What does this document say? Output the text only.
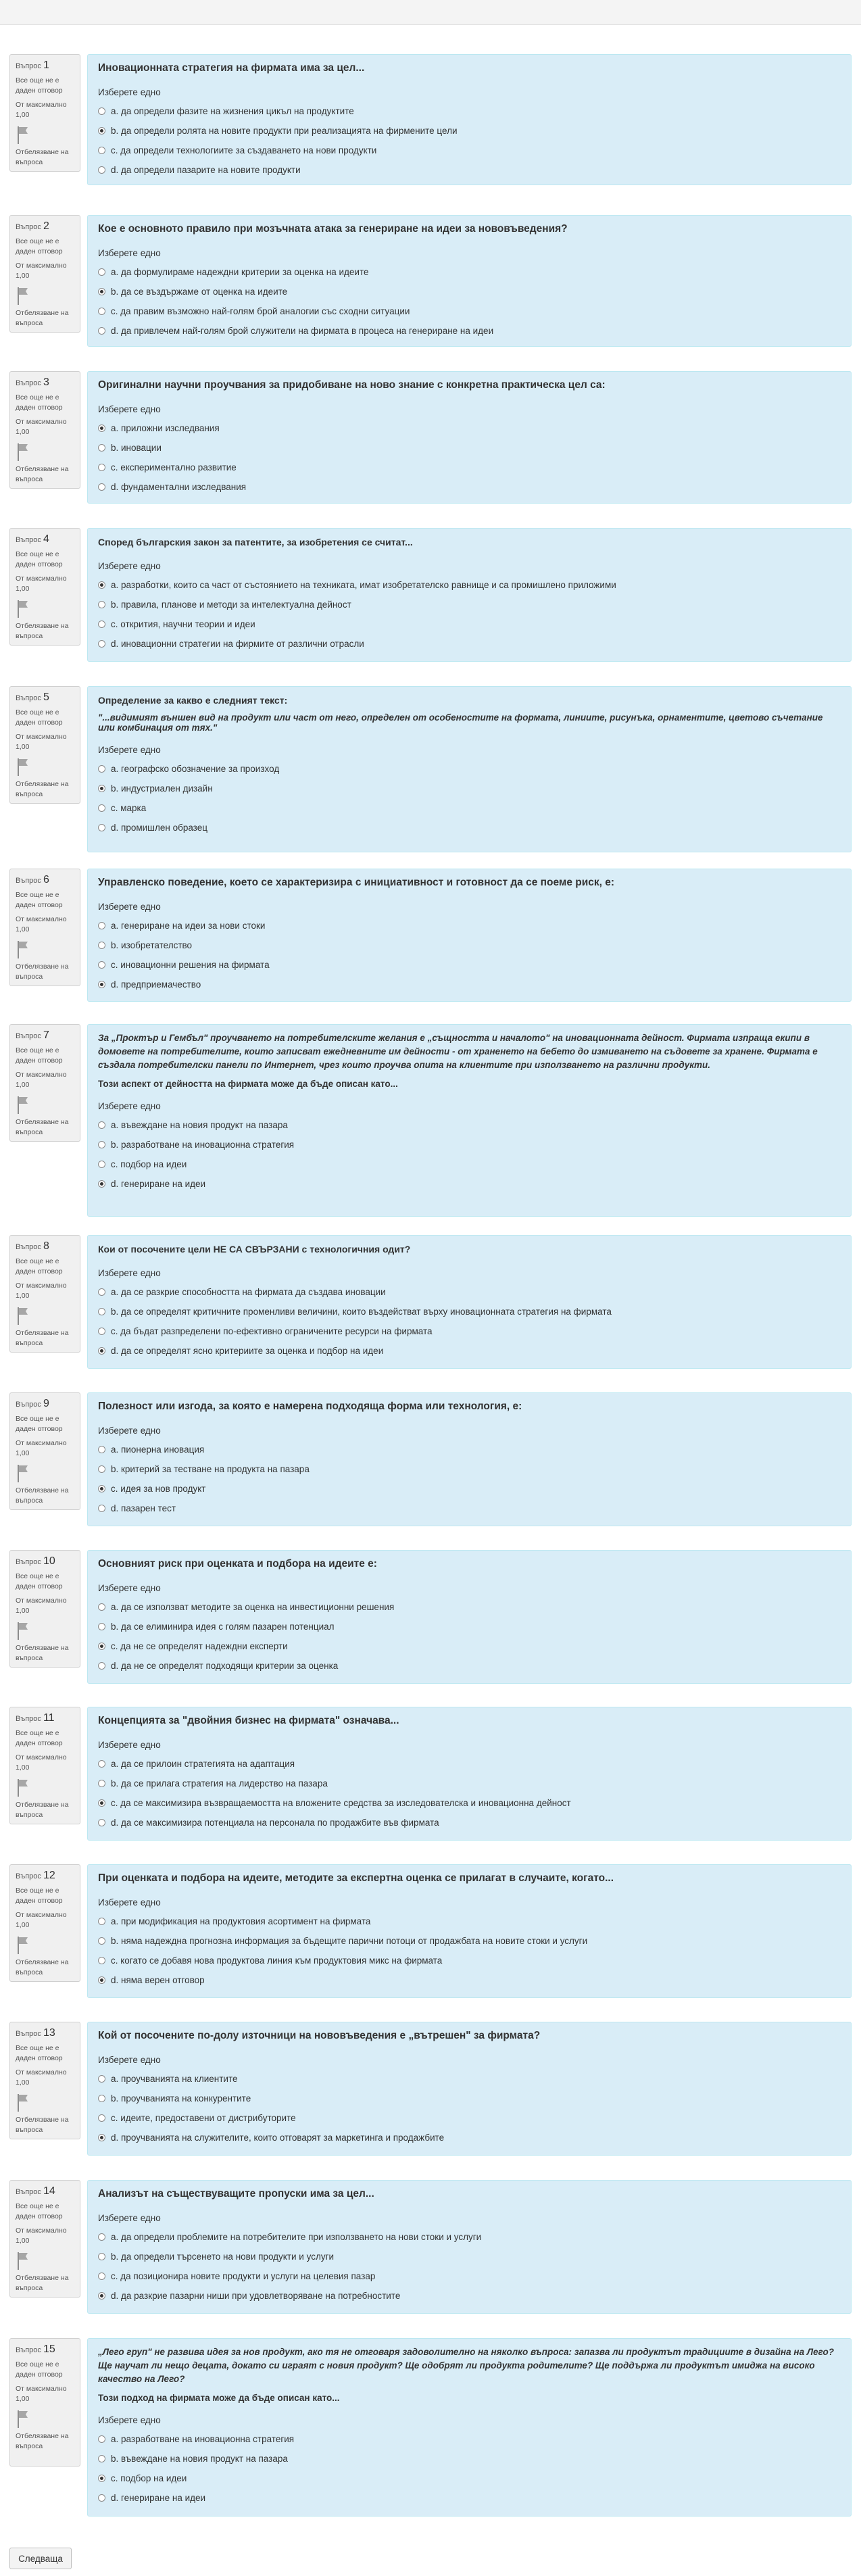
Въпрос 1
Все още не е даден отговор
От максимално 1,00
Отбелязване на въпроса
Иновационната стратегия на фирмата има за цел...
Изберете едно
a. да определи фазите на жизнения цикъл на продуктите
b. да определи ролята на новите продукти при реализацията на фирмените цели
c. да определи технологиите за създаването на нови продукти
d. да определи пазарите на новите продукти
Въпрос 2
Все още не е даден отговор
От максимално 1,00
Отбелязване на въпроса
Кое е основното правило при мозъчната атака за генериране на идеи за нововъведения?
Изберете едно
a. да формулираме надеждни критерии за оценка на идеите
b. да се въздържаме от оценка на идеите
c. да правим възможно най-голям брой аналогии със сходни ситуации
d. да привлечем най-голям брой служители на фирмата в процеса на генериране на идеи
Въпрос 3
Все още не е даден отговор
От максимално 1,00
Отбелязване на въпроса
Оригинални научни проучвания за придобиване на ново знание с конкретна практическа цел са:
Изберете едно
a. приложни изследвания
b. иновации
c. експериментално развитие
d. фундаментални изследвания
Въпрос 4
Все още не е даден отговор
От максимално 1,00
Отбелязване на въпроса
Според българския закон за патентите, за изобретения се считат...
Изберете едно
a. разработки, които са част от състоянието на техниката, имат изобретателско равнище и са промишлено приложими
b. правила, планове и методи за интелектуална дейност
c. открития, научни теории и идеи
d. иновационни стратегии на фирмите от различни отрасли
Въпрос 5
Все още не е даден отговор
От максимално 1,00
Отбелязване на въпроса
Определение за какво е следният текст:
"...видимият външен вид на продукт или част от него, определен от особеностите на формата, линиите, рисунъка, орнаментите, цветово съчетание или комбинация от тях."
Изберете едно
a. географско обозначение за произход
b. индустриален дизайн
c. марка
d. промишлен образец
Въпрос 6
Все още не е даден отговор
От максимално 1,00
Отбелязване на въпроса
Управленско поведение, което се характеризира с инициативност и готовност да се поеме риск, е:
Изберете едно
a. генериране на идеи за нови стоки
b. изобретателство
c. иновационни решения на фирмата
d. предприемачество
Въпрос 7
Все още не е даден отговор
От максимално 1,00
Отбелязване на въпроса
За „Проктър и Гембъл" проучването на потребителските желания е „същността и началото" на иновационната дейност. Фирмата изпраща екипи в домовете на потребителите, които записват ежедневните им дейности - от храненето на бебето до измиването на съдовете за хранене. Фирмата е създала потребителски панели по Интернет, чрез които проучва опита на клиентите при използването на различни продукти.
Този аспект от дейността на фирмата може да бъде описан като...
Изберете едно
a. въвеждане на новия продукт на пазара
b. разработване на иновационна стратегия
c. подбор на идеи
d. генериране на идеи
Въпрос 8
Все още не е даден отговор
От максимално 1,00
Отбелязване на въпроса
Кои от посочените цели НЕ СА СВЪРЗАНИ с технологичния одит?
Изберете едно
a. да се разкрие способността на фирмата да създава иновации
b. да се определят критичните променливи величини, които въздействат върху иновационната стратегия на фирмата
c. да бъдат разпределени по-ефективно ограничените ресурси на фирмата
d. да се определят ясно критериите за оценка и подбор на идеи
Въпрос 9
Все още не е даден отговор
От максимално 1,00
Отбелязване на въпроса
Полезност или изгода, за която е намерена подходяща форма или технология, е:
Изберете едно
a. пионерна иновация
b. критерий за тестване на продукта на пазара
c. идея за нов продукт
d. пазарен тест
Въпрос 10
Все още не е даден отговор
От максимално 1,00
Отбелязване на въпроса
Основният риск при оценката и подбора на идеите е:
Изберете едно
a. да се използват методите за оценка на инвестиционни решения
b. да се елиминира идея с голям пазарен потенциал
c. да не се определят надеждни експерти
d. да не се определят подходящи критерии за оценка
Въпрос 11
Все още не е даден отговор
От максимално 1,00
Отбелязване на въпроса
Концепцията за "двойния бизнес на фирмата" означава...
Изберете едно
a. да се прилоин стратегията на адаптация
b. да се прилага стратегия на лидерство на пазара
c. да се максимизира възвращаемостта на вложените средства за изследователска и иновационна дейност
d. да се максимизира потенциала на персонала по продажбите във фирмата
Въпрос 12
Все още не е даден отговор
От максимално 1,00
Отбелязване на въпроса
При оценката и подбора на идеите, методите за експертна оценка се прилагат в случаите, когато...
Изберете едно
a. при модификация на продуктовия асортимент на фирмата
b. няма надеждна прогнозна информация за бъдещите парични потоци от продажбата на новите стоки и услуги
c. когато се добавя нова продуктова линия към продуктовия микс на фирмата
d. няма верен отговор
Въпрос 13
Все още не е даден отговор
От максимално 1,00
Отбелязване на въпроса
Кой от посочените по-долу източници на нововъведения е „вътрешен" за фирмата?
Изберете едно
a. проучванията на клиентите
b. проучванията на конкурентите
c. идеите, предоставени от дистрибуторите
d. проучванията на служителите, които отговарят за маркетинга и продажбите
Въпрос 14
Все още не е даден отговор
От максимално 1,00
Отбелязване на въпроса
Анализът на съществуващите пропуски има за цел...
Изберете едно
a. да определи проблемите на потребителите при използването на нови стоки и услуги
b. да определи търсенето на нови продукти и услуги
c. да позиционира новите продукти и услуги на целевия пазар
d. да разкрие пазарни ниши при удовлетворяване на потребностите
Въпрос 15
Все още не е даден отговор
От максимално 1,00
Отбелязване на въпроса
„Лего груп" не развива идея за нов продукт, ако тя не отговаря задоволително на няколко въпроса: запазва ли продуктът традициите в дизайна на Лего? Ще научат ли нещо децата, докато си играят с новия продукт? Ще одобрят ли продукта родителите? Ще поддържа ли продуктът имиджа на високо качество на Лего?
Този подход на фирмата може да бъде описан като...
Изберете едно
a. разработване на иновационна стратегия
b. въвеждане на новия продукт на пазара
c. подбор на идеи
d. генериране на идеи
Следваща
